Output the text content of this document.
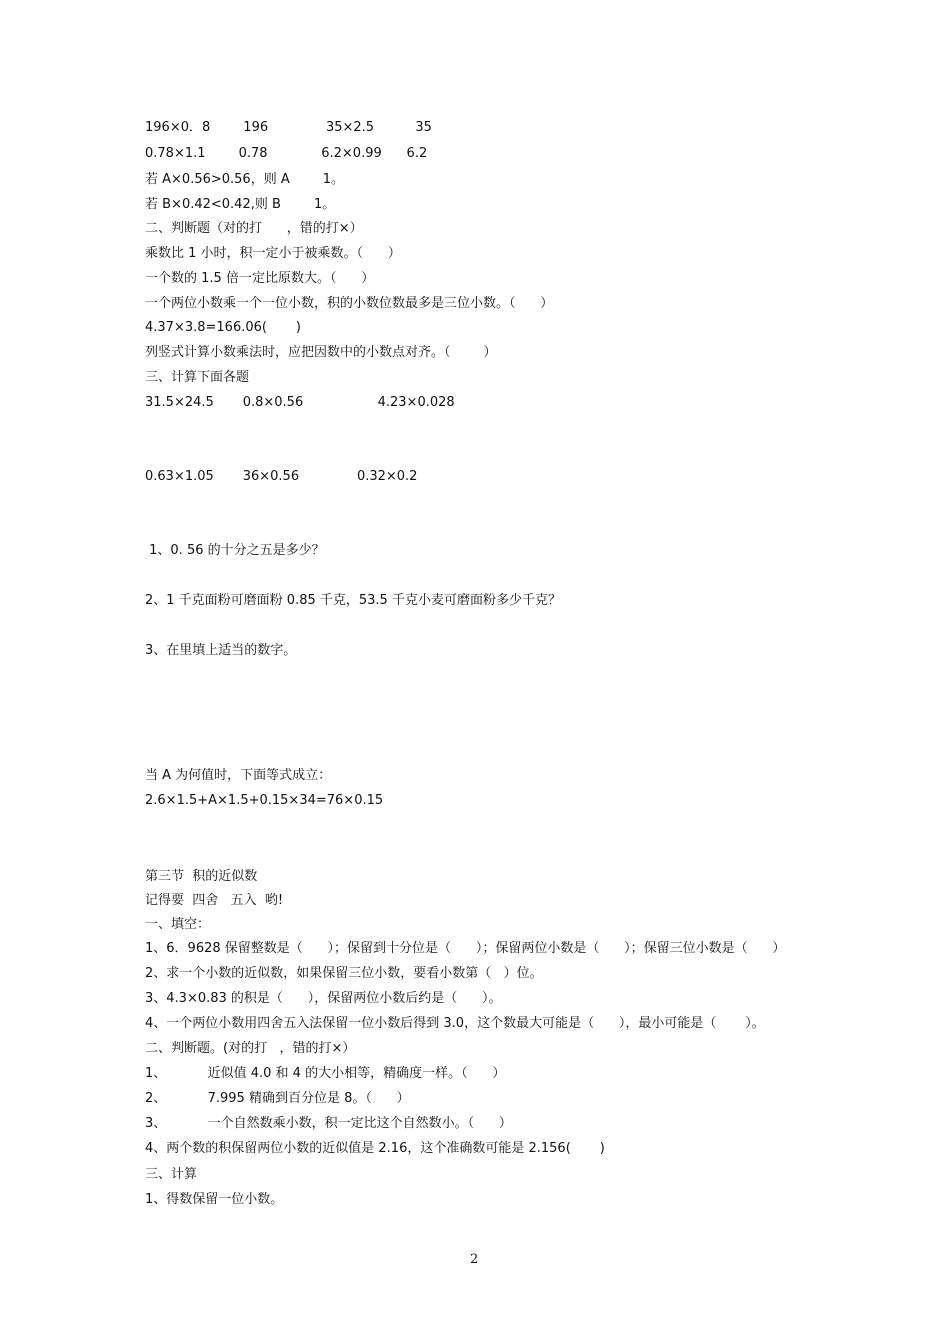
196×0．8        196              35×2.5          35
0.78×1.1        0.78             6.2×0.99      6.2
若 A×0.56>0.56，则 A        1。
若 B×0.42<0.42,则 B        1。
二、判断题（对的打      ，错的打×）
乘数比 1 小时，积一定小于被乘数。（      ）
一个数的 1.5 倍一定比原数大。（      ）
一个两位小数乘一个一位小数，积的小数位数最多是三位小数。（      ）
4.37×3.8=166.06(       )
列竖式计算小数乘法时，应把因数中的小数点对齐。（        ）
三、计算下面各题
31.5×24.5       0.8×0.56                  4.23×0.028
0.63×1.05       36×0.56              0.32×0.2
1、0. 56 的十分之五是多少？
2、1 千克面粉可磨面粉 0.85 千克，53.5 千克小麦可磨面粉多少千克？
3、在里填上适当的数字。
当 A 为何值时，下面等式成立：
2.6×1.5+A×1.5+0.15×34=76×0.15
第三节  积的近似数
记得要  四舍   五入  哟!
一、填空：
1、6．9628 保留整数是（      ）；保留到十分位是（      ）；保留两位小数是（      ）；保留三位小数是（      ）
2、求一个小数的近似数，如果保留三位小数，要看小数第（   ）位。
3、4.3×0.83 的积是（      ），保留两位小数后约是（      ）。
4、一个两位小数用四舍五入法保留一位小数后得到 3.0，这个数最大可能是（      ），最小可能是（       ）。
二、判断题。(对的打   ，错的打×）
1、          近似值 4.0 和 4 的大小相等，精确度一样。（      ）
2、          7.995 精确到百分位是 8。（      ）
3、          一个自然数乘小数，积一定比这个自然数小。（      ）
4、两个数的积保留两位小数的近似值是 2.16，这个准确数可能是 2.156(       )
三、计算
1、得数保留一位小数。
2
